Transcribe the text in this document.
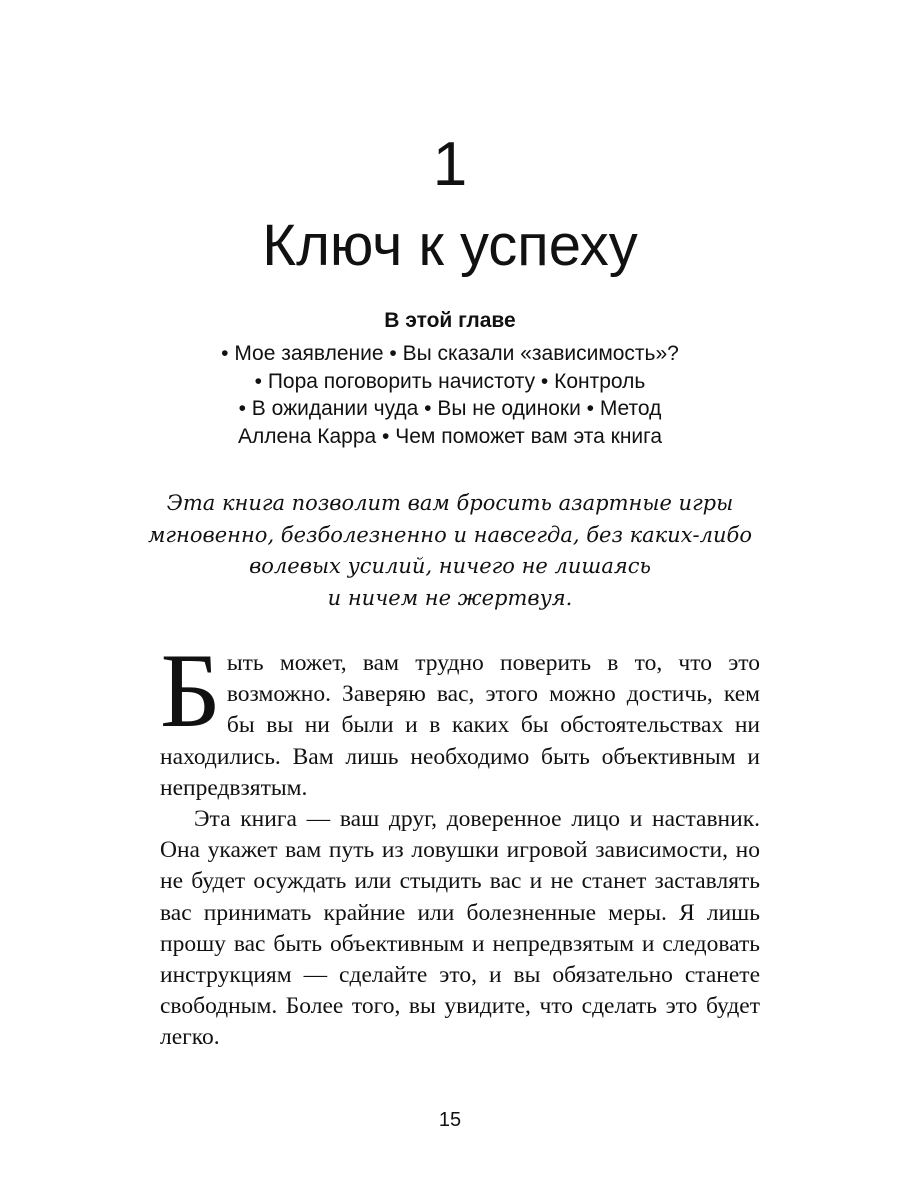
1
Ключ к успеху
В этой главе
• Мое заявление • Вы сказали «зависимость»?
• Пора поговорить начистоту • Контроль
• В ожидании чуда • Вы не одиноки • Метод
Аллена Карра • Чем поможет вам эта книга
Эта книга позволит вам бросить азартные игры
мгновенно, безболезненно и навсегда, без каких-либо
волевых усилий, ничего не лишаясь
и ничем не жертвуя.

Быть может, вам трудно поверить в то, что это возможно. Заверяю вас, этого можно достичь, кем бы вы ни были и в каких бы обстоятельствах ни находились. Вам лишь необходимо быть объективным и непредвзятым.

Эта книга — ваш друг, доверенное лицо и наставник. Она укажет вам путь из ловушки игровой зависимости, но не будет осуждать или стыдить вас и не станет заставлять вас принимать крайние или болезненные меры. Я лишь прошу вас быть объективным и непредвзятым и следовать инструкциям — сделайте это, и вы обязательно станете свободным. Более того, вы увидите, что сделать это будет легко.

15
